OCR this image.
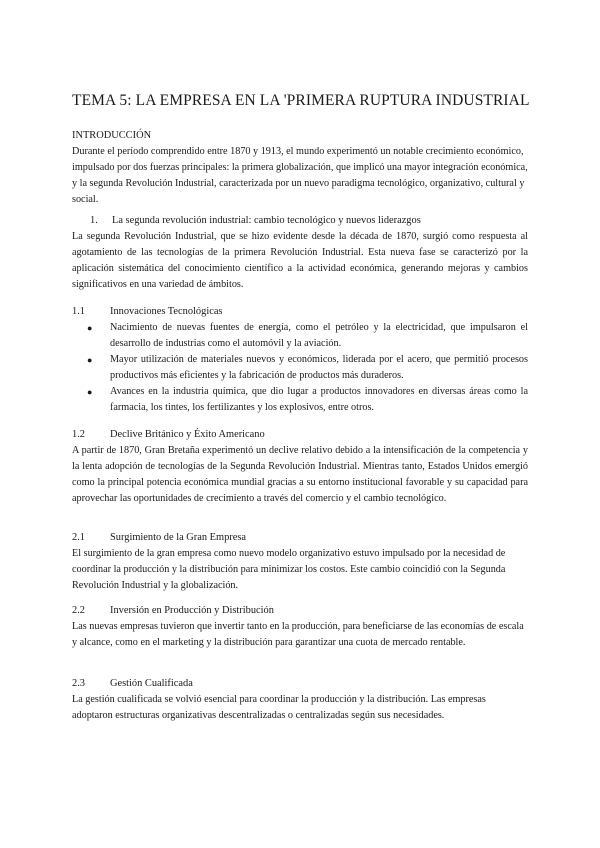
TEMA 5: LA EMPRESA EN LA 'PRIMERA RUPTURA INDUSTRIAL
INTRODUCCIÓN

Durante el período comprendido entre 1870 y 1913, el mundo experimentó un notable crecimiento económico, impulsado por dos fuerzas principales: la primera globalización, que implicó una mayor integración económica, y la segunda Revolución Industrial, caracterizada por un nuevo paradigma tecnológico, organizativo, cultural y social.

1. La segunda revolución industrial: cambio tecnológico y nuevos liderazgos

La segunda Revolución Industrial, que se hizo evidente desde la década de 1870, surgió como respuesta al agotamiento de las tecnologías de la primera Revolución Industrial. Esta nueva fase se caracterizó por la aplicación sistemática del conocimiento científico a la actividad económica, generando mejoras y cambios significativos en una variedad de ámbitos.

1.1	Innovaciones Tecnológicas
● Nacimiento de nuevas fuentes de energía, como el petróleo y la electricidad, que impulsaron el desarrollo de industrias como el automóvil y la aviación.
● Mayor utilización de materiales nuevos y económicos, liderada por el acero, que permitió procesos productivos más eficientes y la fabricación de productos más duraderos.
● Avances en la industria química, que dio lugar a productos innovadores en diversas áreas como la farmacia, los tintes, los fertilizantes y los explosivos, entre otros.
1.2	Declive Británico y Éxito Americano

A partir de 1870, Gran Bretaña experimentó un declive relativo debido a la intensificación de la competencia y la lenta adopción de tecnologías de la Segunda Revolución Industrial. Mientras tanto, Estados Unidos emergió como la principal potencia económica mundial gracias a su entorno institucional favorable y su capacidad para aprovechar las oportunidades de crecimiento a través del comercio y el cambio tecnológico.

2.1	Surgimiento de la Gran Empresa

El surgimiento de la gran empresa como nuevo modelo organizativo estuvo impulsado por la necesidad de coordinar la producción y la distribución para minimizar los costos. Este cambio coincidió con la Segunda Revolución Industrial y la globalización.

2.2	Inversión en Producción y Distribución

Las nuevas empresas tuvieron que invertir tanto en la producción, para beneficiarse de las economías de escala y alcance, como en el marketing y la distribución para garantizar una cuota de mercado rentable.

2.3	Gestión Cualificada

La gestión cualificada se volvió esencial para coordinar la producción y la distribución. Las empresas adoptaron estructuras organizativas descentralizadas o centralizadas según sus necesidades.
